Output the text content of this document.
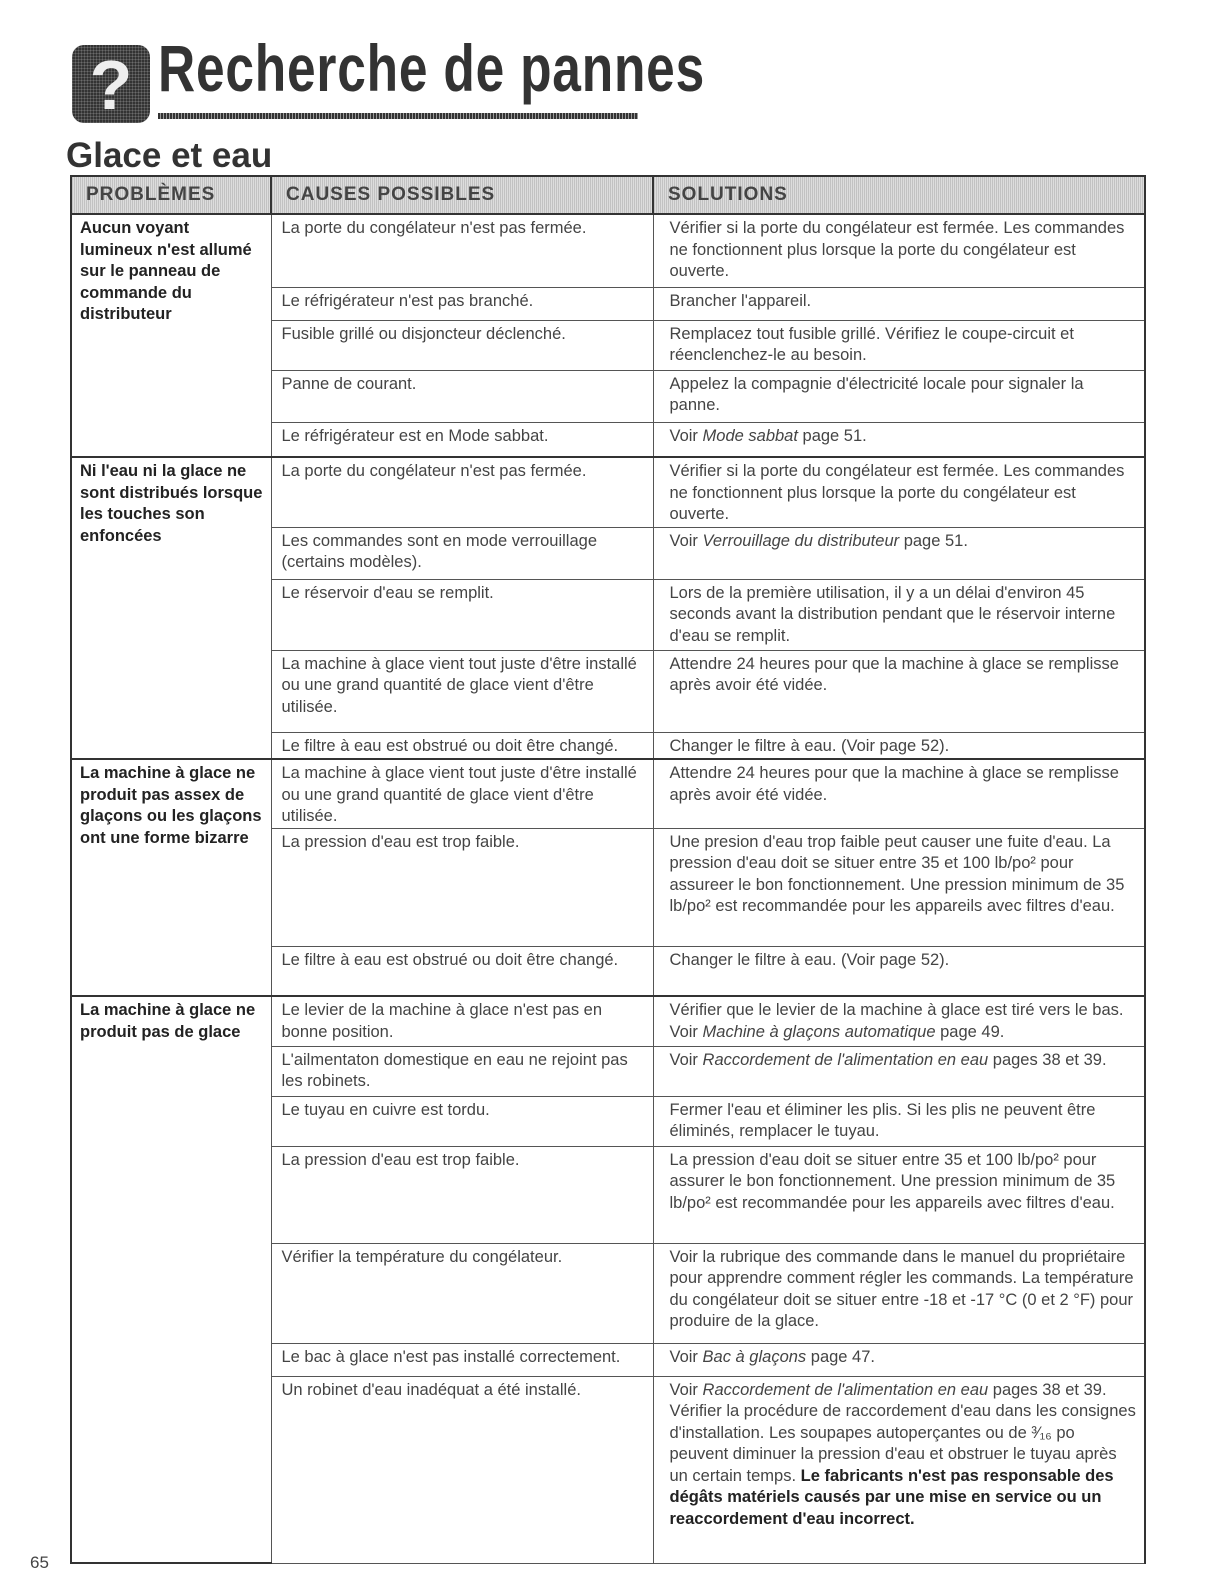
? Recherche de pannes
Glace et eau
PROBLÈMES	CAUSES POSSIBLES	SOLUTIONS
Aucun voyant lumineux n'est allumé sur le panneau de commande du distributeur	La porte du congélateur n'est pas fermée.	Vérifier si la porte du congélateur est fermée. Les commandes ne fonctionnent plus lorsque la porte du congélateur est ouverte.
	Le réfrigérateur n'est pas branché.	Brancher l'appareil.
	Fusible grillé ou disjoncteur déclenché.	Remplacez tout fusible grillé. Vérifiez le coupe-circuit et réenclenchez-le au besoin.
	Panne de courant.	Appelez la compagnie d'électricité locale pour signaler la panne.
	Le réfrigérateur est en Mode sabbat.	Voir Mode sabbat page 51.
Ni l'eau ni la glace ne sont distribués lorsque les touches son enfoncées	La porte du congélateur n'est pas fermée.	Vérifier si la porte du congélateur est fermée. Les commandes ne fonctionnent plus lorsque la porte du congélateur est ouverte.
	Les commandes sont en mode verrouillage (certains modèles).	Voir Verrouillage du distributeur page 51.
	Le réservoir d'eau se remplit.	Lors de la première utilisation, il y a un délai d'environ 45 seconds avant la distribution pendant que le réservoir interne d'eau se remplit.
	La machine à glace vient tout juste d'être installé ou une grand quantité de glace vient d'être utilisée.	Attendre 24 heures pour que la machine à glace se remplisse après avoir été vidée.
	Le filtre à eau est obstrué ou doit être changé.	Changer le filtre à eau. (Voir page 52).
La machine à glace ne produit pas assex de glaçons ou les glaçons ont une forme bizarre	La machine à glace vient tout juste d'être installé ou une grand quantité de glace vient d'être utilisée.	Attendre 24 heures pour que la machine à glace se remplisse après avoir été vidée.
	La pression d'eau est trop faible.	Une presion d'eau trop faible peut causer une fuite d'eau. La pression d'eau doit se situer entre 35 et 100 lb/po² pour assureer le bon fonctionnement. Une pression minimum de 35 lb/po² est recommandée pour les appareils avec filtres d'eau.
	Le filtre à eau est obstrué ou doit être changé.	Changer le filtre à eau. (Voir page 52).
La machine à glace ne produit pas de glace	Le levier de la machine à glace n'est pas en bonne position.	Vérifier que le levier de la machine à glace est tiré vers le bas. Voir Machine à glaçons automatique page 49.
	L'ailmentaton domestique en eau ne rejoint pas les robinets.	Voir Raccordement de l'alimentation en eau pages 38 et 39.
	Le tuyau en cuivre est tordu.	Fermer l'eau et éliminer les plis. Si les plis ne peuvent être éliminés, remplacer le tuyau.
	La pression d'eau est trop faible.	La pression d'eau doit se situer entre 35 et 100 lb/po² pour assurer le bon fonctionnement. Une pression minimum de 35 lb/po² est recommandée pour les appareils avec filtres d'eau.
	Vérifier la température du congélateur.	Voir la rubrique des commande dans le manuel du propriétaire pour apprendre comment régler les commands. La température du congélateur doit se situer entre -18 et -17 °C (0 et 2 °F) pour produire de la glace.
	Le bac à glace n'est pas installé correctement.	Voir Bac à glaçons page 47.
	Un robinet d'eau inadéquat a été installé.	Voir Raccordement de l'alimentation en eau pages 38 et 39. Vérifier la procédure de raccordement d'eau dans les consignes d'installation. Les soupapes autoperçantes ou de ³⁄₁₆ po peuvent diminuer la pression d'eau et obstruer le tuyau après un certain temps. Le fabricants n'est pas responsable des dégâts matériels causés par une mise en service ou un reaccordement d'eau incorrect.
65
